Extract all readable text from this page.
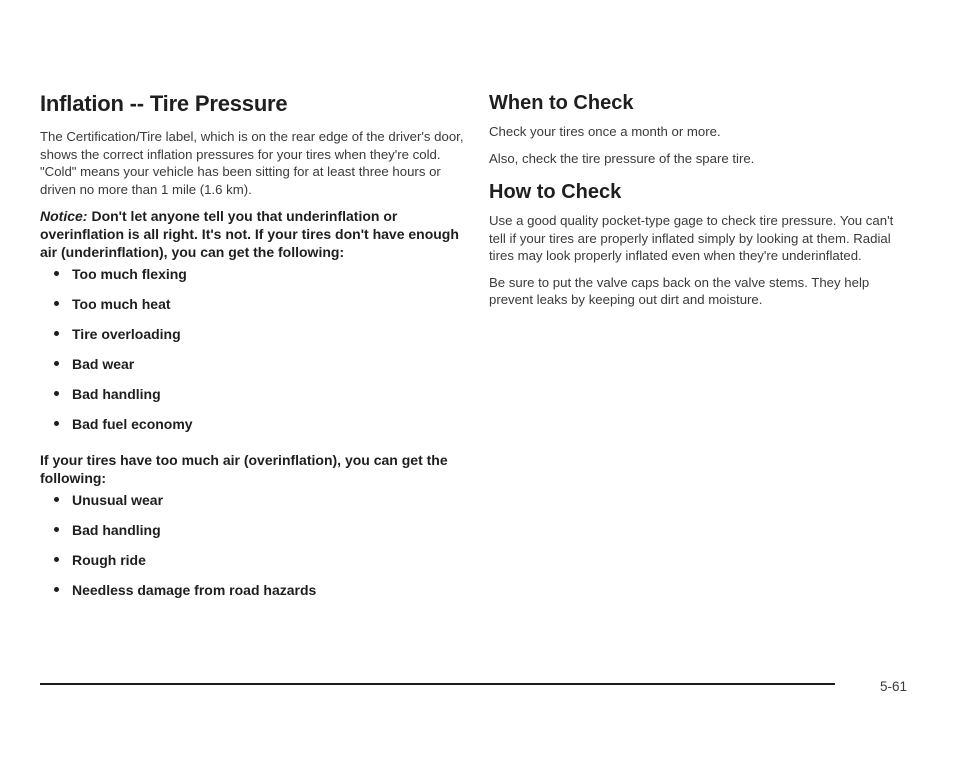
Inflation -- Tire Pressure

The Certification/Tire label, which is on the rear edge of the driver's door, shows the correct inflation pressures for your tires when they're cold. "Cold" means your vehicle has been sitting for at least three hours or driven no more than 1 mile (1.6 km).

Notice: Don't let anyone tell you that underinflation or overinflation is all right. It's not. If your tires don't have enough air (underinflation), you can get the following:

Too much flexing
Too much heat
Tire overloading
Bad wear
Bad handling
Bad fuel economy

If your tires have too much air (overinflation), you can get the following:

Unusual wear
Bad handling
Rough ride
Needless damage from road hazards
When to Check

Check your tires once a month or more.

Also, check the tire pressure of the spare tire.

How to Check

Use a good quality pocket-type gage to check tire pressure. You can't tell if your tires are properly inflated simply by looking at them. Radial tires may look properly inflated even when they're underinflated.

Be sure to put the valve caps back on the valve stems. They help prevent leaks by keeping out dirt and moisture.

5-61
